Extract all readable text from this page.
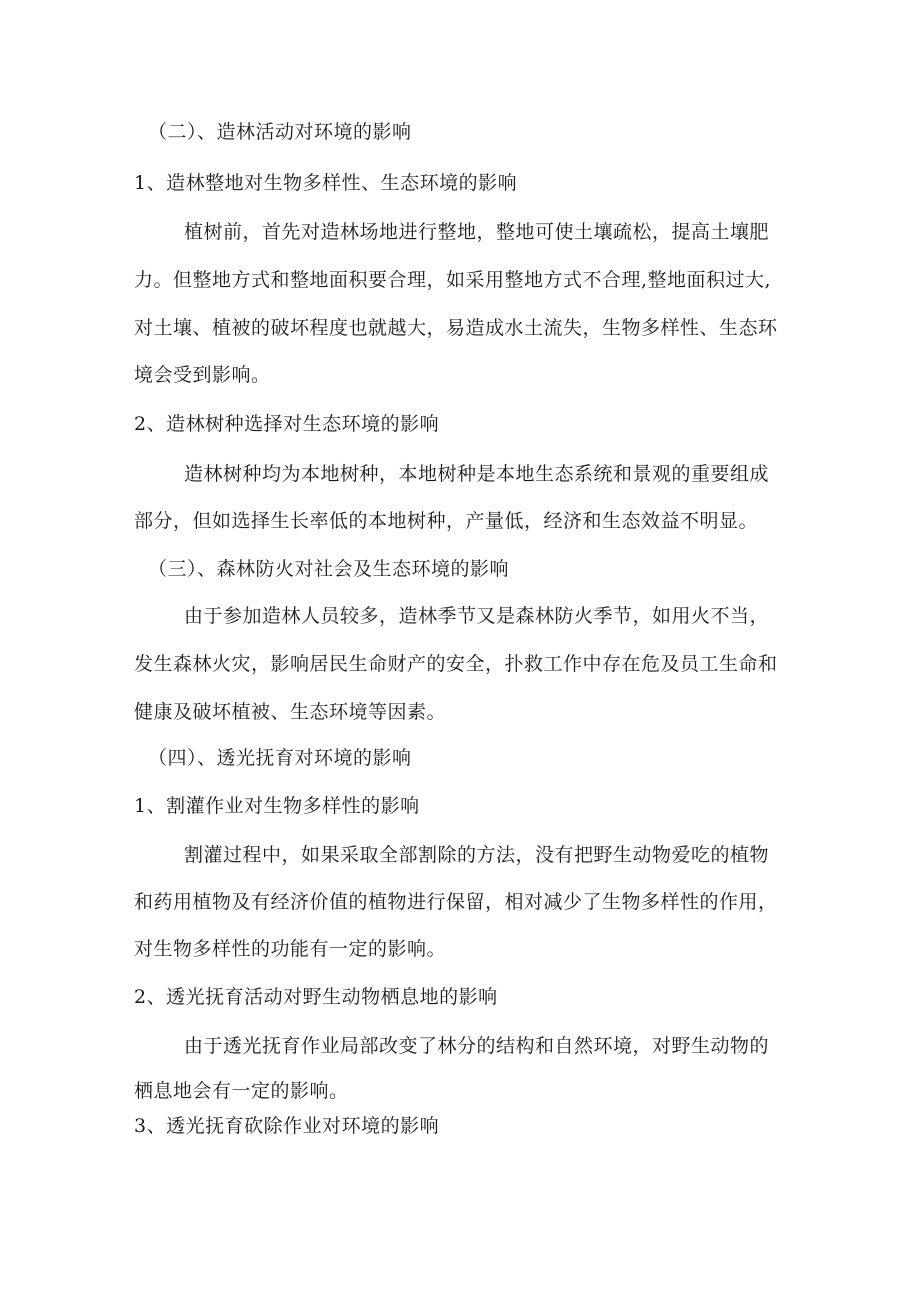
（二）、造林活动对环境的影响
1、造林整地对生物多样性、生态环境的影响
植树前，首先对造林场地进行整地，整地可使土壤疏松，提高土壤肥
力。但整地方式和整地面积要合理，如采用整地方式不合理,整地面积过大,
对土壤、植被的破坏程度也就越大，易造成水土流失，生物多样性、生态环
境会受到影响。
2、造林树种选择对生态环境的影响
造林树种均为本地树种，本地树种是本地生态系统和景观的重要组成
部分，但如选择生长率低的本地树种，产量低，经济和生态效益不明显。
（三）、森林防火对社会及生态环境的影响
由于参加造林人员较多，造林季节又是森林防火季节，如用火不当，
发生森林火灾，影响居民生命财产的安全，扑救工作中存在危及员工生命和
健康及破坏植被、生态环境等因素。
（四）、透光抚育对环境的影响
1、割灌作业对生物多样性的影响
割灌过程中，如果采取全部割除的方法，没有把野生动物爱吃的植物
和药用植物及有经济价值的植物进行保留，相对减少了生物多样性的作用，
对生物多样性的功能有一定的影响。
2、透光抚育活动对野生动物栖息地的影响
由于透光抚育作业局部改变了林分的结构和自然环境，对野生动物的
栖息地会有一定的影响。
3、透光抚育砍除作业对环境的影响
